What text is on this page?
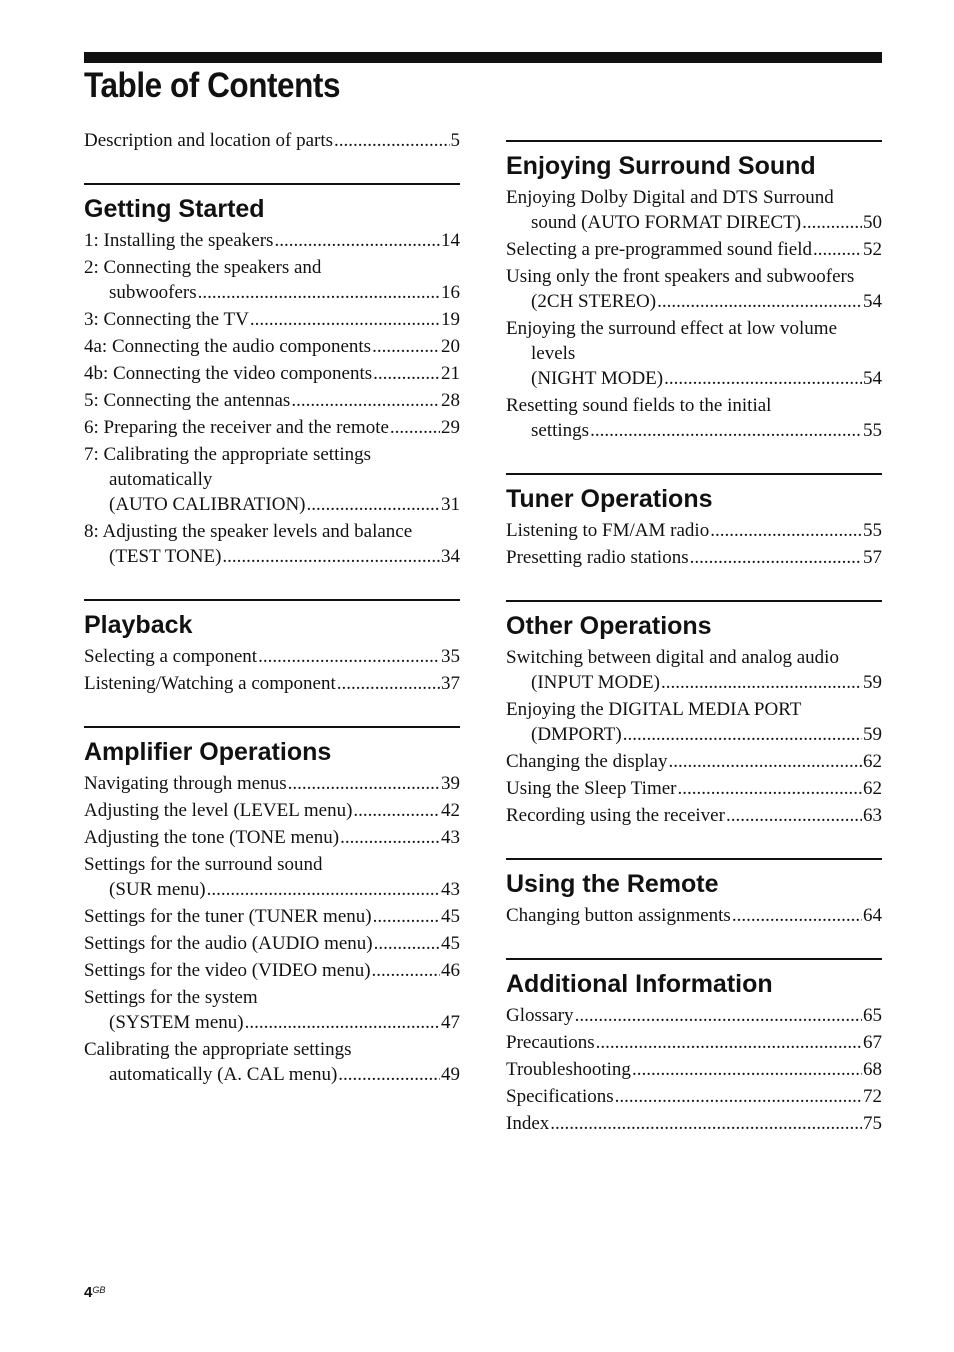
Table of Contents
Description and location of parts .....	5
Getting Started
1: Installing the speakers .....	14
2: Connecting the speakers and
subwoofers .....	16
3: Connecting the TV .....	19
4a: Connecting the audio components .....	20
4b: Connecting the video components .....	21
5: Connecting the antennas .....	28
6: Preparing the receiver and the remote .....	29
7: Calibrating the appropriate settings
automatically
(AUTO CALIBRATION) .....	31
8: Adjusting the speaker levels and balance
(TEST TONE) .....	34
Playback
Selecting a component .....	35
Listening/Watching a component .....	37
Amplifier Operations
Navigating through menus .....	39
Adjusting the level (LEVEL menu) .....	42
Adjusting the tone (TONE menu) .....	43
Settings for the surround sound
(SUR menu) .....	43
Settings for the tuner (TUNER menu) .....	45
Settings for the audio (AUDIO menu) .....	45
Settings for the video (VIDEO menu) .....	46
Settings for the system
(SYSTEM menu) .....	47
Calibrating the appropriate settings
automatically (A. CAL menu) .....	49
Enjoying Surround Sound
Enjoying Dolby Digital and DTS Surround
sound (AUTO FORMAT DIRECT) .....	50
Selecting a pre-programmed sound field .....	52
Using only the front speakers and subwoofers
(2CH STEREO) .....	54
Enjoying the surround effect at low volume
levels
(NIGHT MODE) .....	54
Resetting sound fields to the initial
settings .....	55
Tuner Operations
Listening to FM/AM radio .....	55
Presetting radio stations .....	57
Other Operations
Switching between digital and analog audio
(INPUT MODE) .....	59
Enjoying the DIGITAL MEDIA PORT
(DMPORT) .....	59
Changing the display .....	62
Using the Sleep Timer .....	62
Recording using the receiver .....	63
Using the Remote
Changing button assignments .....	64
Additional Information
Glossary .....	65
Precautions .....	67
Troubleshooting .....	68
Specifications .....	72
Index .....	75
$4^{GB}$
